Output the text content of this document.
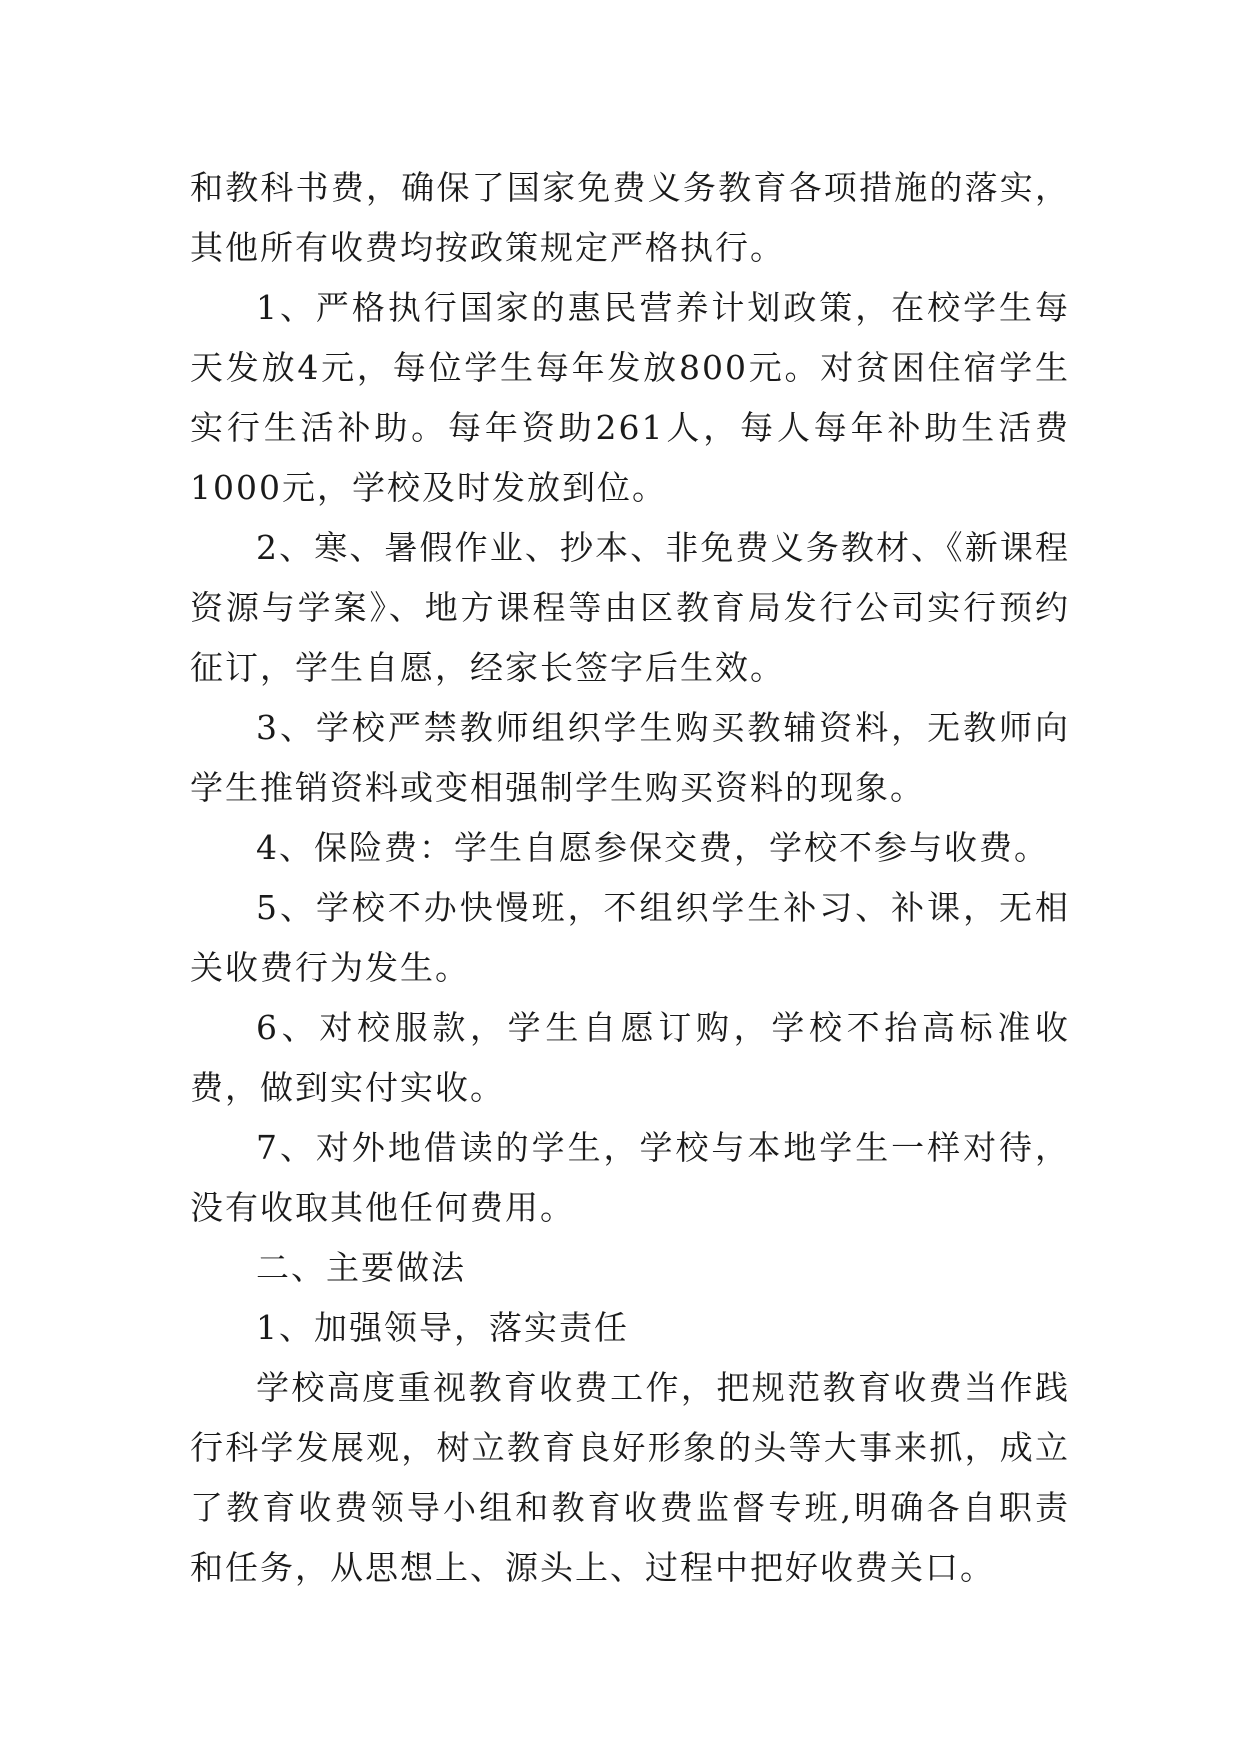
和教科书费，确保了国家免费义务教育各项措施的落实，其他所有收费均按政策规定严格执行。

1、严格执行国家的惠民营养计划政策，在校学生每天发放4元，每位学生每年发放800元。对贫困住宿学生实行生活补助。每年资助261人，每人每年补助生活费1000元，学校及时发放到位。

2、寒、暑假作业、抄本、非免费义务教材、《新课程资源与学案》、地方课程等由区教育局发行公司实行预约征订，学生自愿，经家长签字后生效。

3、学校严禁教师组织学生购买教辅资料，无教师向学生推销资料或变相强制学生购买资料的现象。

4、保险费：学生自愿参保交费，学校不参与收费。

5、学校不办快慢班，不组织学生补习、补课，无相关收费行为发生。

6、对校服款，学生自愿订购，学校不抬高标准收费，做到实付实收。

7、对外地借读的学生，学校与本地学生一样对待，没有收取其他任何费用。

二、主要做法

1、加强领导，落实责任

学校高度重视教育收费工作，把规范教育收费当作践行科学发展观，树立教育良好形象的头等大事来抓，成立了教育收费领导小组和教育收费监督专班,明确各自职责和任务，从思想上、源头上、过程中把好收费关口。
